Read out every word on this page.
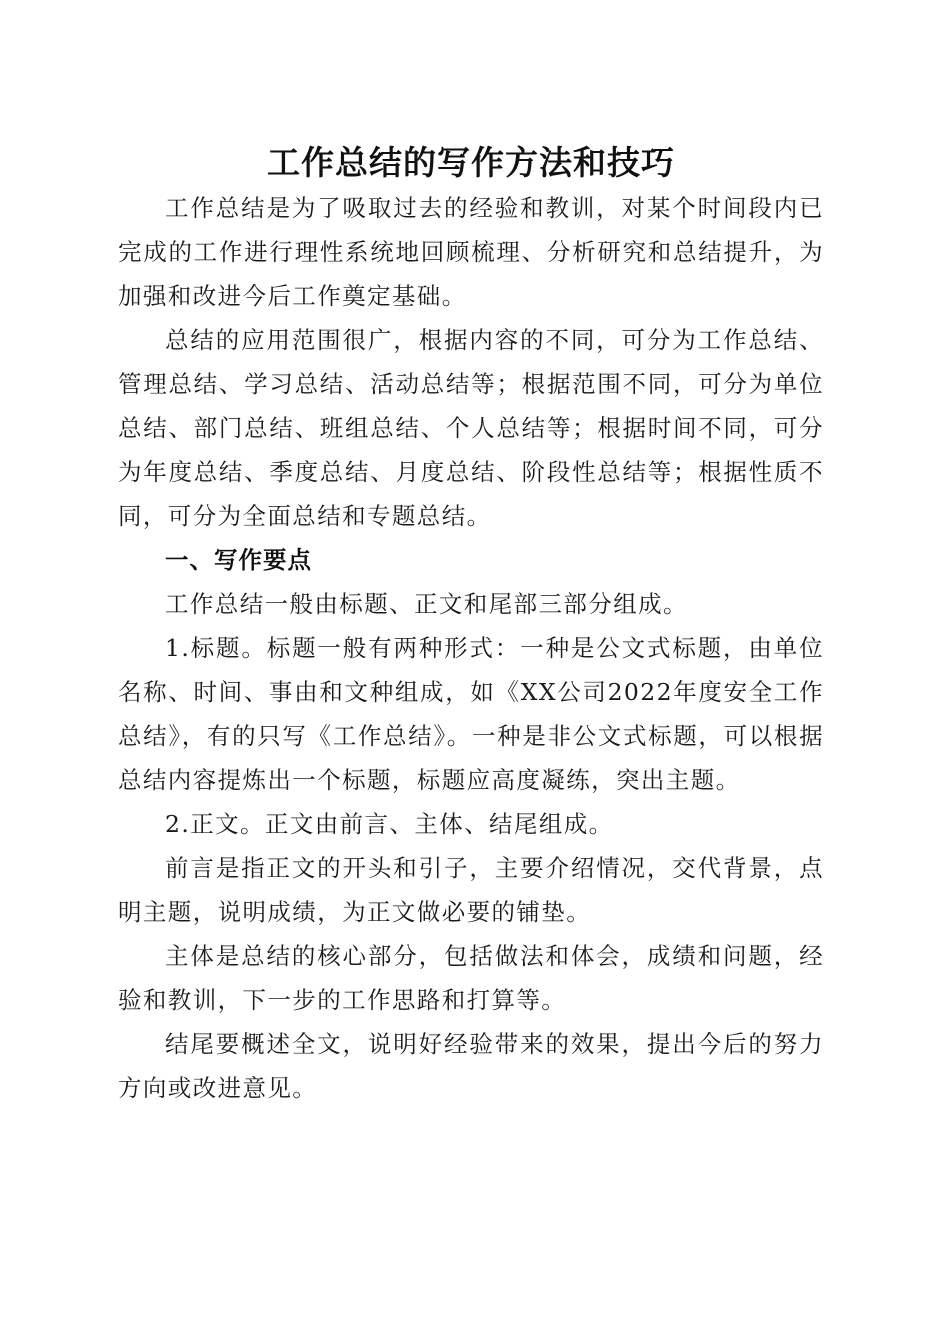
工作总结的写作方法和技巧

工作总结是为了吸取过去的经验和教训，对某个时间段内已完成的工作进行理性系统地回顾梳理、分析研究和总结提升，为加强和改进今后工作奠定基础。

总结的应用范围很广，根据内容的不同，可分为工作总结、管理总结、学习总结、活动总结等；根据范围不同，可分为单位总结、部门总结、班组总结、个人总结等；根据时间不同，可分为年度总结、季度总结、月度总结、阶段性总结等；根据性质不同，可分为全面总结和专题总结。

一、写作要点

工作总结一般由标题、正文和尾部三部分组成。

1.标题。标题一般有两种形式：一种是公文式标题，由单位名称、时间、事由和文种组成，如《XX公司2022年度安全工作总结》，有的只写《工作总结》。一种是非公文式标题，可以根据总结内容提炼出一个标题，标题应高度凝练，突出主题。

2.正文。正文由前言、主体、结尾组成。

前言是指正文的开头和引子，主要介绍情况，交代背景，点明主题，说明成绩，为正文做必要的铺垫。

主体是总结的核心部分，包括做法和体会，成绩和问题，经验和教训，下一步的工作思路和打算等。

结尾要概述全文，说明好经验带来的效果，提出今后的努力方向或改进意见。
